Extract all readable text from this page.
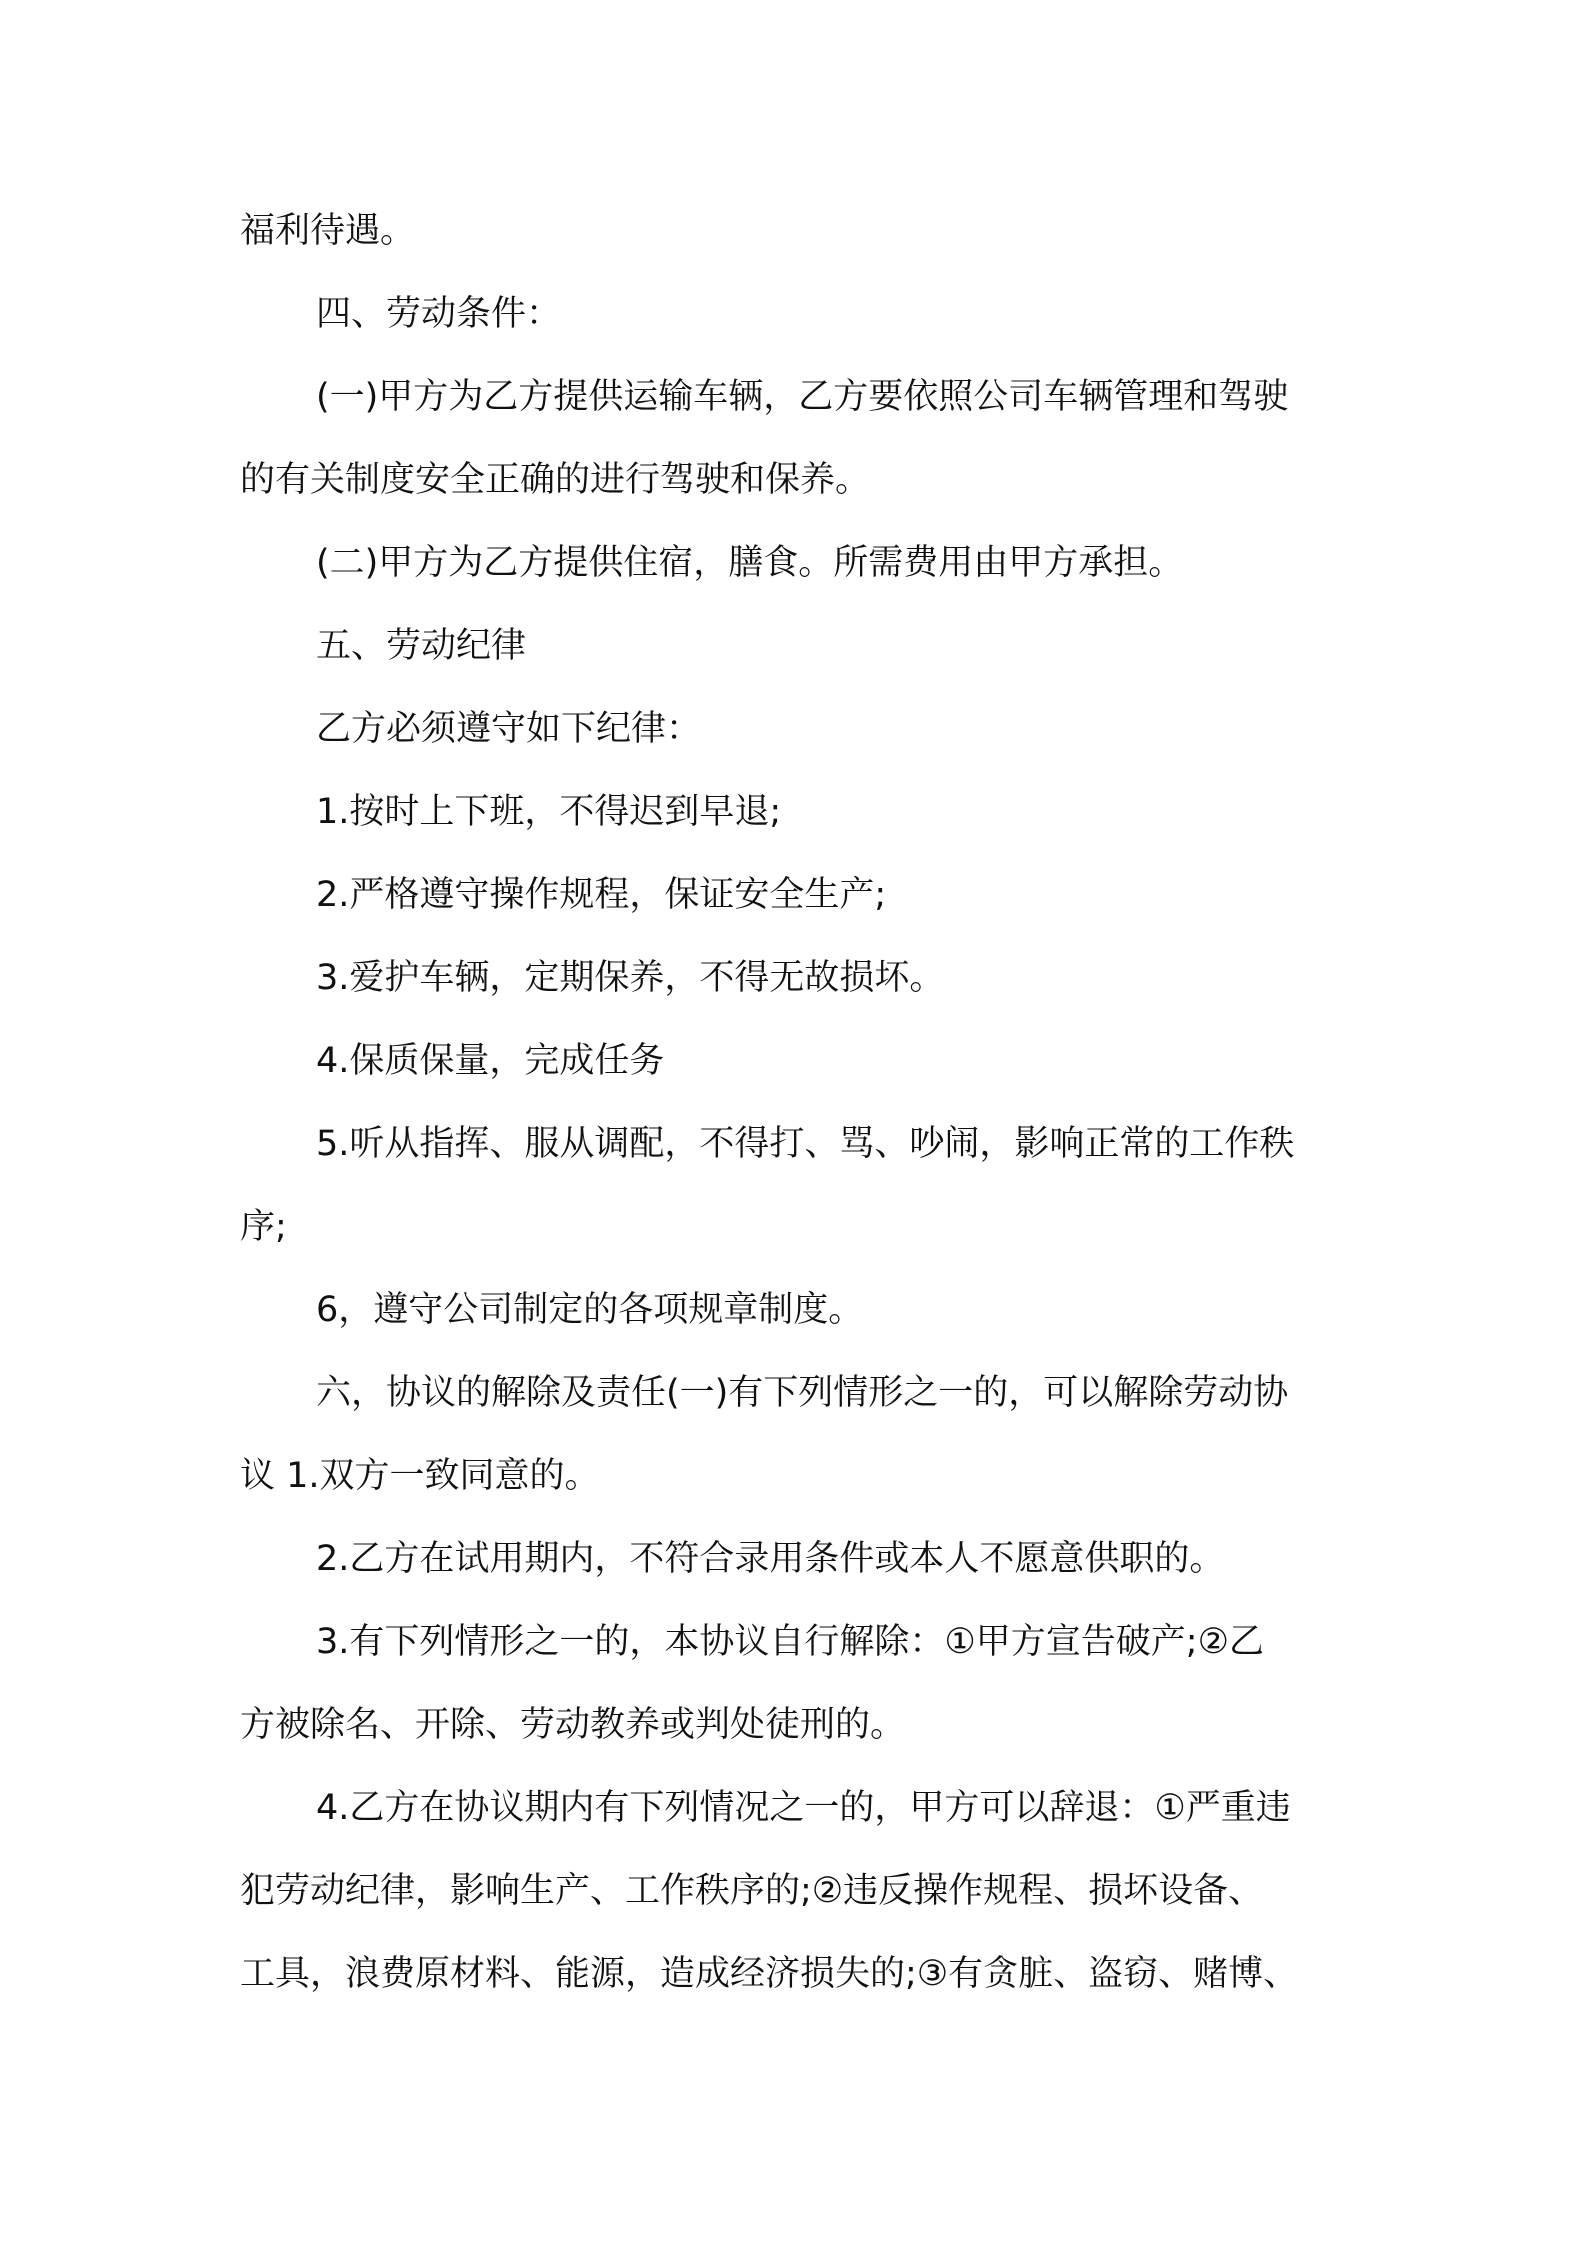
福利待遇。
四、劳动条件：
(一)甲方为乙方提供运输车辆，乙方要依照公司车辆管理和驾驶
的有关制度安全正确的进行驾驶和保养。
(二)甲方为乙方提供住宿，膳食。所需费用由甲方承担。
五、劳动纪律
乙方必须遵守如下纪律：
1.按时上下班，不得迟到早退;
2.严格遵守操作规程，保证安全生产;
3.爱护车辆，定期保养，不得无故损坏。
4.保质保量，完成任务
5.听从指挥、服从调配，不得打、骂、吵闹，影响正常的工作秩
序;
6，遵守公司制定的各项规章制度。
六，协议的解除及责任(一)有下列情形之一的，可以解除劳动协
议 1.双方一致同意的。
2.乙方在试用期内，不符合录用条件或本人不愿意供职的。
3.有下列情形之一的，本协议自行解除：①甲方宣告破产;②乙
方被除名、开除、劳动教养或判处徒刑的。
4.乙方在协议期内有下列情况之一的，甲方可以辞退：①严重违
犯劳动纪律，影响生产、工作秩序的;②违反操作规程、损坏设备、
工具，浪费原材料、能源，造成经济损失的;③有贪脏、盗窃、赌博、
